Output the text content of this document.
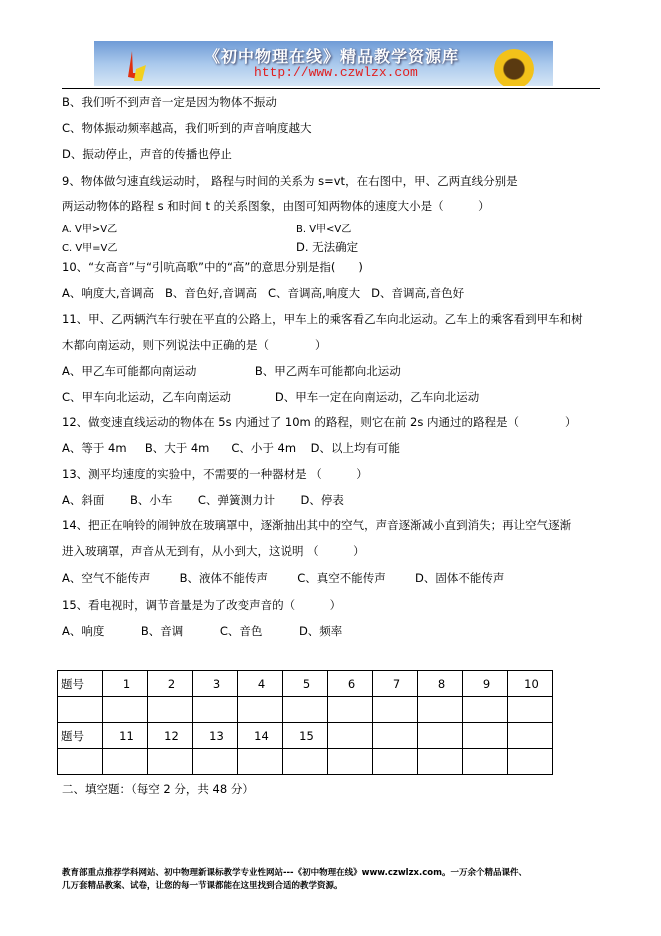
《初中物理在线》精品教学资源库
http://www.czwlzx.com
B、我们听不到声音一定是因为物体不振动
C、物体振动频率越高，我们听到的声音响度越大
D、振动停止，声音的传播也停止
9、物体做匀速直线运动时， 路程与时间的关系为 s=vt，在右图中，甲、乙两直线分别是
两运动物体的路程 s 和时间 t 的关系图象，由图可知两物体的速度大小是（　　　）
A. V甲>V乙	B. V甲<V乙
C. V甲=V乙	D. 无法确定
10、“女高音”与“引吭高歌”中的“高”的意思分别是指(　　)
A、响度大,音调高   B、音色好,音调高   C、音调高,响度大   D、音调高,音色好
11、甲、乙两辆汽车行驶在平直的公路上，甲车上的乘客看乙车向北运动。乙车上的乘客看到甲车和树
木都向南运动，则下列说法中正确的是（　　　　）
A、甲乙车可能都向南运动                B、甲乙两车可能都向北运动
C、甲车向北运动，乙车向南运动            D、甲车一定在向南运动，乙车向北运动
12、做变速直线运动的物体在 5s 内通过了 10m 的路程，则它在前 2s 内通过的路程是（　　　　）
A、等于 4m     B、大于 4m      C、小于 4m    D、以上均有可能
13、测平均速度的实验中，不需要的一种器材是 （　　　）
A、斜面       B、小车       C、弹簧测力计       D、停表
14、把正在响铃的闹钟放在玻璃罩中，逐渐抽出其中的空气，声音逐渐减小直到消失；再让空气逐渐
进入玻璃罩，声音从无到有，从小到大，这说明 （　　　）
A、空气不能传声        B、液体不能传声        C、真空不能传声        D、固体不能传声
15、看电视时，调节音量是为了改变声音的（　　　）
A、响度          B、音调          C、音色          D、频率
题号	1	2	3	4	5	6	7	8	9	10

题号	11	12	13	14	15					

二、填空题：（每空 2 分，共 48 分）
教育部重点推荐学科网站、初中物理新课标教学专业性网站---《初中物理在线》www.czwlzx.com。一万余个精品课件、
几万套精品教案、试卷，让您的每一节课都能在这里找到合适的教学资源。
